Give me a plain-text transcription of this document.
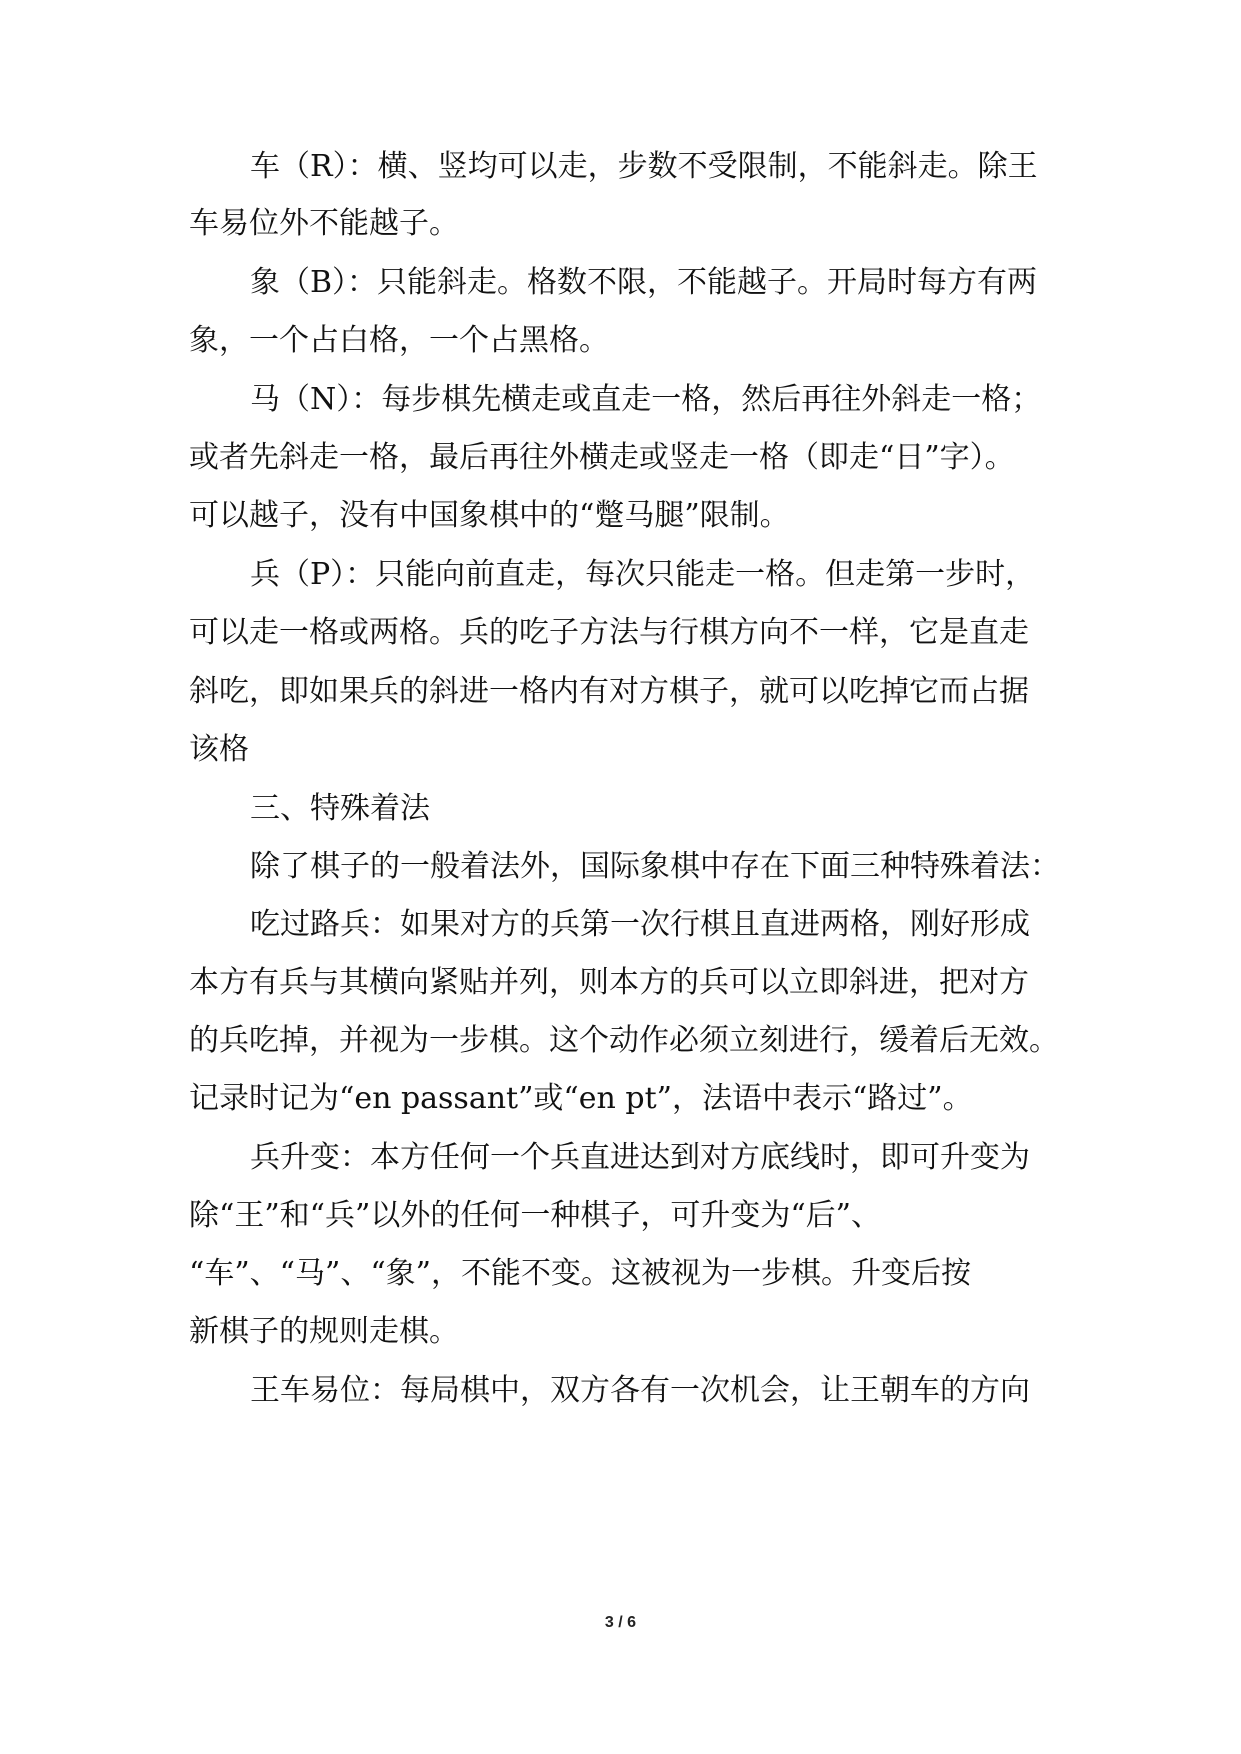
车（R）：横、竖均可以走，步数不受限制，不能斜走。除王
车易位外不能越子。
象（B）：只能斜走。格数不限，不能越子。开局时每方有两
象，一个占白格，一个占黑格。
马（N）：每步棋先横走或直走一格，然后再往外斜走一格；
或者先斜走一格，最后再往外横走或竖走一格（即走“日”字）。
可以越子，没有中国象棋中的“蹩马腿”限制。
兵（P）：只能向前直走，每次只能走一格。但走第一步时，
可以走一格或两格。兵的吃子方法与行棋方向不一样，它是直走
斜吃，即如果兵的斜进一格内有对方棋子，就可以吃掉它而占据
该格
三、特殊着法
除了棋子的一般着法外，国际象棋中存在下面三种特殊着法：
吃过路兵：如果对方的兵第一次行棋且直进两格，刚好形成
本方有兵与其横向紧贴并列，则本方的兵可以立即斜进，把对方
的兵吃掉，并视为一步棋。这个动作必须立刻进行，缓着后无效。
记录时记为“en passant”或“en pt”，法语中表示“路过”。
兵升变：本方任何一个兵直进达到对方底线时，即可升变为
除“王”和“兵”以外的任何一种棋子，可升变为“后”、
“车”、“马”、“象”，不能不变。这被视为一步棋。升变后按
新棋子的规则走棋。
王车易位：每局棋中，双方各有一次机会，让王朝车的方向
3 / 6
